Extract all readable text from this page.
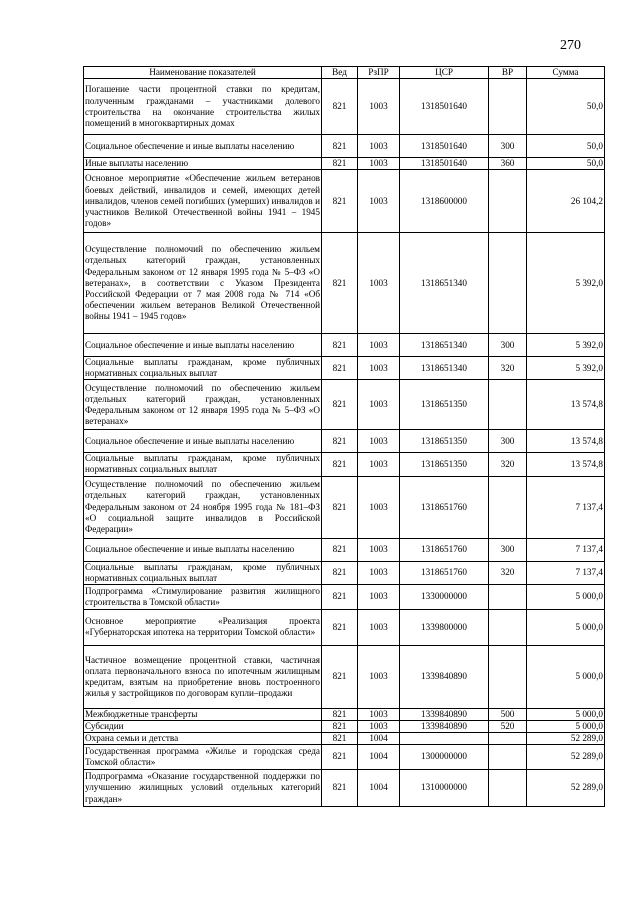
270
Наименование показателей	Вед	РзПР	ЦСР	ВР	Сумма
Погашение части процентной ставки по кредитам, полученным гражданами – участниками долевого строительства на окончание строительства жилых помещений в многоквартирных домах	821	1003	1318501640		50,0
Социальное обеспечение и иные выплаты населению	821	1003	1318501640	300	50,0
Иные выплаты населению	821	1003	1318501640	360	50,0
Основное мероприятие «Обеспечение жильем ветеранов боевых действий, инвалидов и семей, имеющих детей инвалидов, членов семей погибших (умерших) инвалидов и участников Великой Отечественной войны 1941 – 1945 годов»	821	1003	1318600000		26 104,2
Осуществление полномочий по обеспечению жильем отдельных категорий граждан, установленных Федеральным законом от 12 января 1995 года № 5–ФЗ «О ветеранах», в соответствии с Указом Президента Российской Федерации от 7 мая 2008 года № 714 «Об обеспечении жильем ветеранов Великой Отечественной войны 1941 – 1945 годов»	821	1003	1318651340		5 392,0
Социальное обеспечение и иные выплаты населению	821	1003	1318651340	300	5 392,0
Социальные выплаты гражданам, кроме публичных нормативных социальных выплат	821	1003	1318651340	320	5 392,0
Осуществление полномочий по обеспечению жильем отдельных категорий граждан, установленных Федеральным законом от 12 января 1995 года № 5–ФЗ «О ветеранах»	821	1003	1318651350		13 574,8
Социальное обеспечение и иные выплаты населению	821	1003	1318651350	300	13 574,8
Социальные выплаты гражданам, кроме публичных нормативных социальных выплат	821	1003	1318651350	320	13 574,8
Осуществление полномочий по обеспечению жильем отдельных категорий граждан, установленных Федеральным законом от 24 ноября 1995 года № 181–ФЗ «О социальной защите инвалидов в Российской Федерации»	821	1003	1318651760		7 137,4
Социальное обеспечение и иные выплаты населению	821	1003	1318651760	300	7 137,4
Социальные выплаты гражданам, кроме публичных нормативных социальных выплат	821	1003	1318651760	320	7 137,4
Подпрограмма «Стимулирование развития жилищного строительства в Томской области»	821	1003	1330000000		5 000,0
Основное мероприятие «Реализация проекта «Губернаторская ипотека на территории Томской области»	821	1003	1339800000		5 000,0
Частичное возмещение процентной ставки, частичная оплата первоначального взноса по ипотечным жилищным кредитам, взятым на приобретение вновь построенного жилья у застройщиков по договорам купли–продажи	821	1003	1339840890		5 000,0
Межбюджетные трансферты	821	1003	1339840890	500	5 000,0
Субсидии	821	1003	1339840890	520	5 000,0
Охрана семьи и детства	821	1004			52 289,0
Государственная программа «Жилье и городская среда Томской области»	821	1004	1300000000		52 289,0
Подпрограмма «Оказание государственной поддержки по улучшению жилищных условий отдельных категорий граждан»	821	1004	1310000000		52 289,0
